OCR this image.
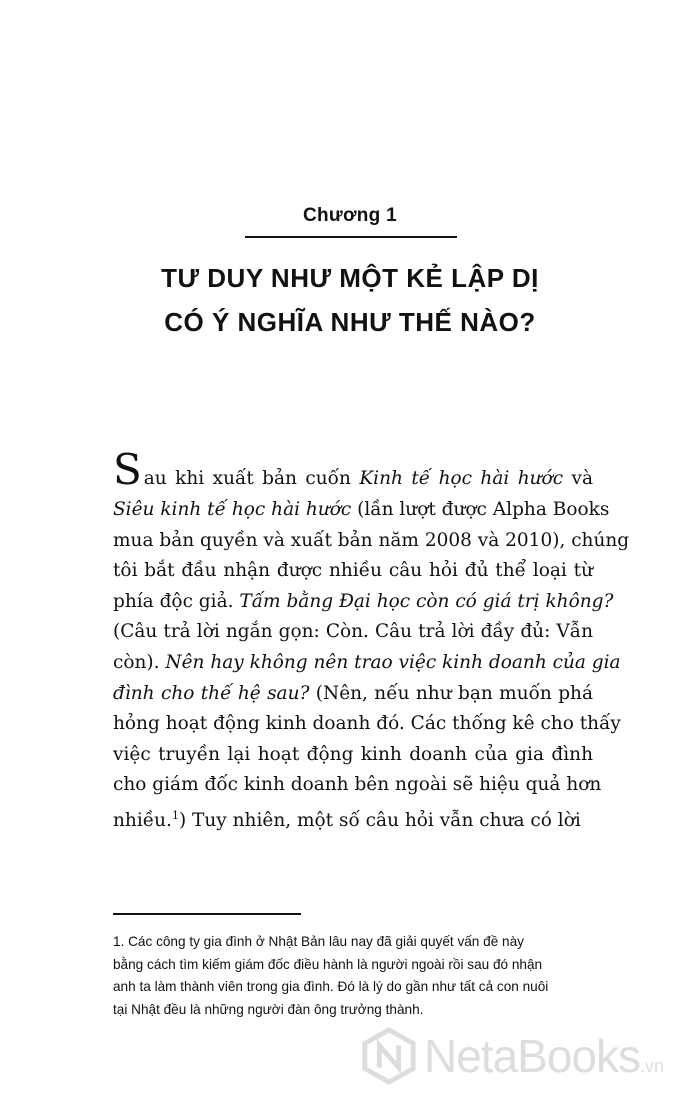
Chương 1
TƯ DUY NHƯ MỘT KẺ LẬP DỊ
CÓ Ý NGHĨA NHƯ THẾ NÀO?
Sau khi xuất bản cuốn Kinh tế học hài hước và
Siêu kinh tế học hài hước (lần lượt được Alpha Books
mua bản quyền và xuất bản năm 2008 và 2010), chúng
tôi bắt đầu nhận được nhiều câu hỏi đủ thể loại từ
phía độc giả. Tấm bằng Đại học còn có giá trị không?
(Câu trả lời ngắn gọn: Còn. Câu trả lời đầy đủ: Vẫn
còn). Nên hay không nên trao việc kinh doanh của gia
đình cho thế hệ sau? (Nên, nếu như bạn muốn phá
hỏng hoạt động kinh doanh đó. Các thống kê cho thấy
việc truyền lại hoạt động kinh doanh của gia đình
cho giám đốc kinh doanh bên ngoài sẽ hiệu quả hơn
nhiều.$^1$) Tuy nhiên, một số câu hỏi vẫn chưa có lời
1. Các công ty gia đình ở Nhật Bản lâu nay đã giải quyết vấn đề này
bằng cách tìm kiếm giám đốc điều hành là người ngoài rồi sau đó nhận
anh ta làm thành viên trong gia đình. Đó là lý do gần như tất cả con nuôi
tại Nhật đều là những người đàn ông trưởng thành.
NetaBooks .vn
